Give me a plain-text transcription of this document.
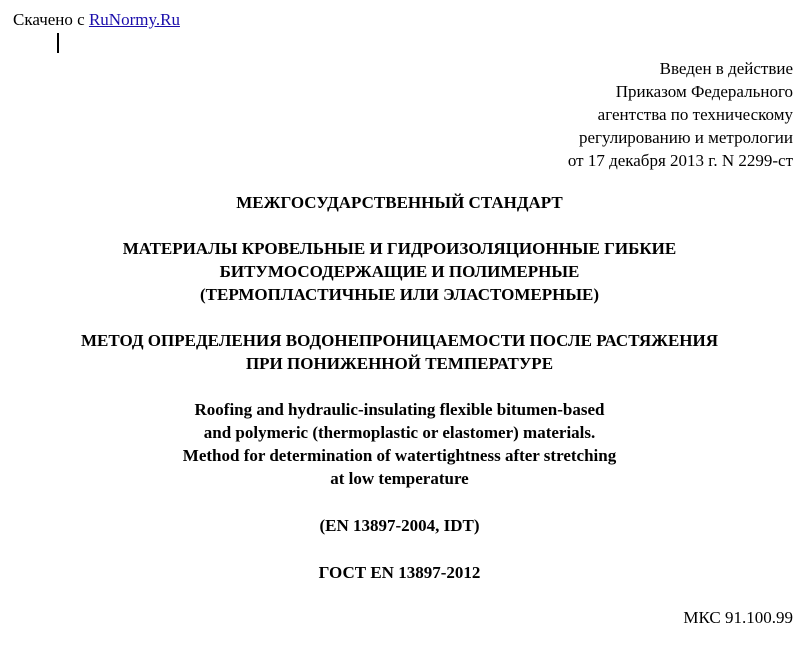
Скачено с RuNormy.Ru
Введен в действие
Приказом Федерального
агентства по техническому
регулированию и метрологии
от 17 декабря 2013 г. N 2299-ст
МЕЖГОСУДАРСТВЕННЫЙ СТАНДАРТ
МАТЕРИАЛЫ КРОВЕЛЬНЫЕ И ГИДРОИЗОЛЯЦИОННЫЕ ГИБКИЕ
БИТУМОСОДЕРЖАЩИЕ И ПОЛИМЕРНЫЕ
(ТЕРМОПЛАСТИЧНЫЕ ИЛИ ЭЛАСТОМЕРНЫЕ)
МЕТОД ОПРЕДЕЛЕНИЯ ВОДОНЕПРОНИЦАЕМОСТИ ПОСЛЕ РАСТЯЖЕНИЯ
ПРИ ПОНИЖЕННОЙ ТЕМПЕРАТУРЕ
Roofing and hydraulic-insulating flexible bitumen-based
and polymeric (thermoplastic or elastomer) materials.
Method for determination of watertightness after stretching
at low temperature
(EN 13897-2004, IDT)
ГОСТ EN 13897-2012
МКС 91.100.99
